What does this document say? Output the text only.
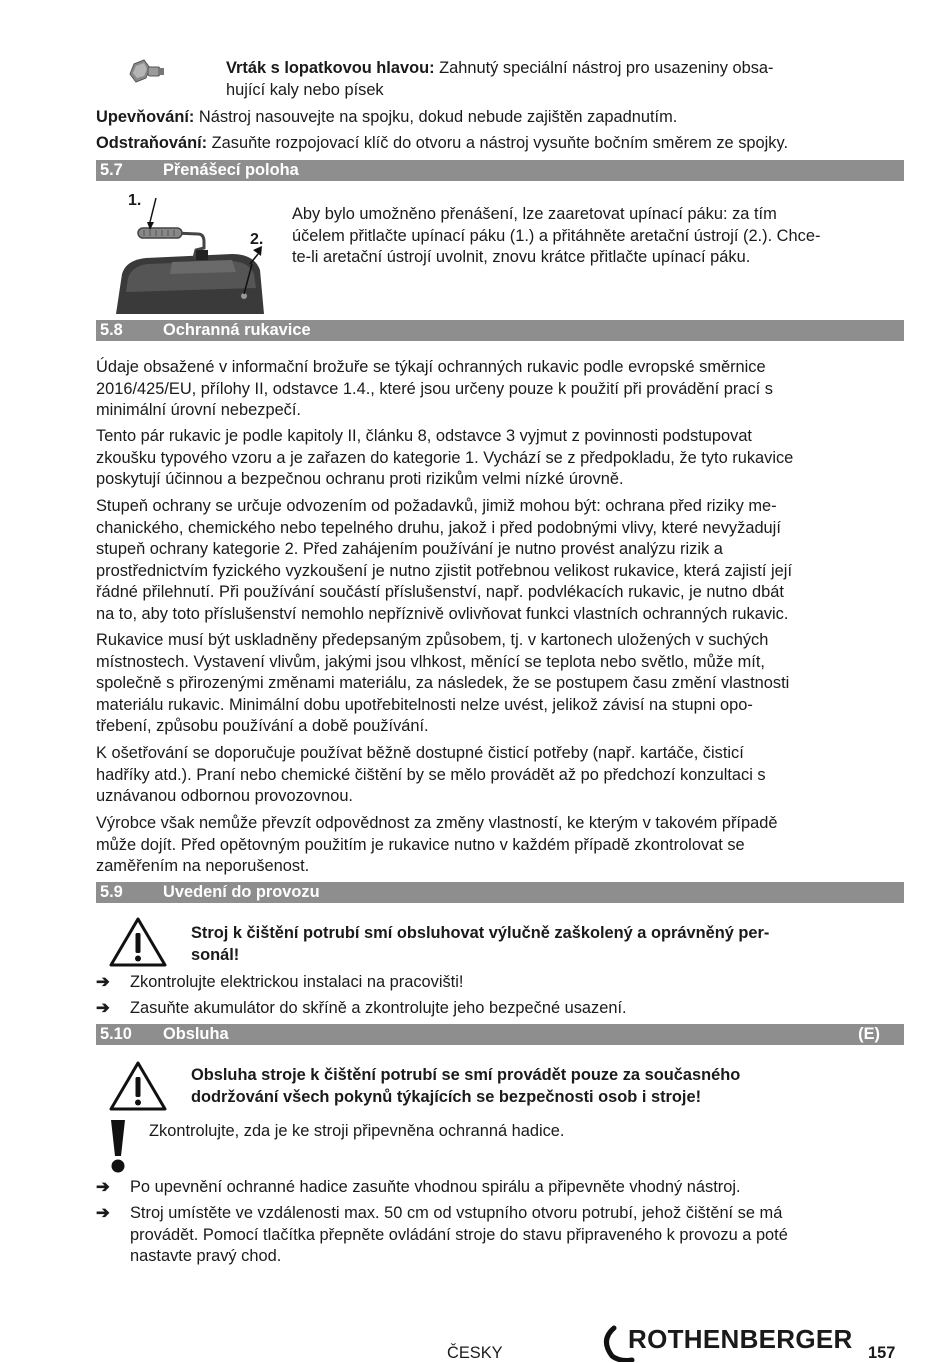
Vrták s lopatkovou hlavou: Zahnutý speciální nástroj pro usazeniny obsa-
hující kaly nebo písek
Upevňování: Nástroj nasouvejte na spojku, dokud nebude zajištěn zapadnutím.
Odstraňování: Zasuňte rozpojovací klíč do otvoru a nástroj vysuňte bočním směrem ze spojky.
5.7 Přenášecí poloha
1.
2.
Aby bylo umožněno přenášení, lze zaaretovat upínací páku: za tím
účelem přitlačte upínací páku (1.) a přitáhněte aretační ústrojí (2.). Chce-
te-li aretační ústrojí uvolnit, znovu krátce přitlačte upínací páku.
5.8 Ochranná rukavice
Údaje obsažené v informační brožuře se týkají ochranných rukavic podle evropské směrnice
2016/425/EU, přílohy II, odstavce 1.4., které jsou určeny pouze k použití při provádění prací s
minimální úrovní nebezpečí.
Tento pár rukavic je podle kapitoly II, článku 8, odstavce 3 vyjmut z povinnosti podstupovat
zkoušku typového vzoru a je zařazen do kategorie 1. Vychází se z předpokladu, že tyto rukavice
poskytují účinnou a bezpečnou ochranu proti rizikům velmi nízké úrovně.
Stupeň ochrany se určuje odvozením od požadavků, jimiž mohou být: ochrana před riziky me-
chanického, chemického nebo tepelného druhu, jakož i před podobnými vlivy, které nevyžadují
stupeň ochrany kategorie 2. Před zahájením používání je nutno provést analýzu rizik a
prostřednictvím fyzického vyzkoušení je nutno zjistit potřebnou velikost rukavice, která zajistí její
řádné přilehnutí. Při používání součástí příslušenství, např. podvlékacích rukavic, je nutno dbát
na to, aby toto příslušenství nemohlo nepříznivě ovlivňovat funkci vlastních ochranných rukavic.
Rukavice musí být uskladněny předepsaným způsobem, tj. v kartonech uložených v suchých
místnostech. Vystavení vlivům, jakými jsou vlhkost, měnící se teplota nebo světlo, může mít,
společně s přirozenými změnami materiálu, za následek, že se postupem času změní vlastnosti
materiálu rukavic. Minimální dobu upotřebitelnosti nelze uvést, jelikož závisí na stupni opo-
třebení, způsobu používání a době používání.
K ošetřování se doporučuje používat běžně dostupné čisticí potřeby (např. kartáče, čisticí
hadříky atd.). Praní nebo chemické čištění by se mělo provádět až po předchozí konzultaci s
uznávanou odbornou provozovnou.
Výrobce však nemůže převzít odpovědnost za změny vlastností, ke kterým v takovém případě
může dojít. Před opětovným použitím je rukavice nutno v každém případě zkontrolovat se
zaměřením na neporušenost.
5.9 Uvedení do provozu
Stroj k čištění potrubí smí obsluhovat výlučně zaškolený a oprávněný per-
sonál!
➔	Zkontrolujte elektrickou instalaci na pracovišti!
➔	Zasuňte akumulátor do skříně a zkontrolujte jeho bezpečné usazení.
5.10 Obsluha	(E)
Obsluha stroje k čištění potrubí se smí provádět pouze za současného
dodržování všech pokynů týkajících se bezpečnosti osob i stroje!
Zkontrolujte, zda je ke stroji připevněna ochranná hadice.
➔	Po upevnění ochranné hadice zasuňte vhodnou spirálu a připevněte vhodný nástroj.
➔	Stroj umístěte ve vzdálenosti max. 50 cm od vstupního otvoru potrubí, jehož čištění se má
provádět. Pomocí tlačítka přepněte ovládání stroje do stavu připraveného k provozu a poté
nastavte pravý chod.
ČESKY	ROTHENBERGER 157
